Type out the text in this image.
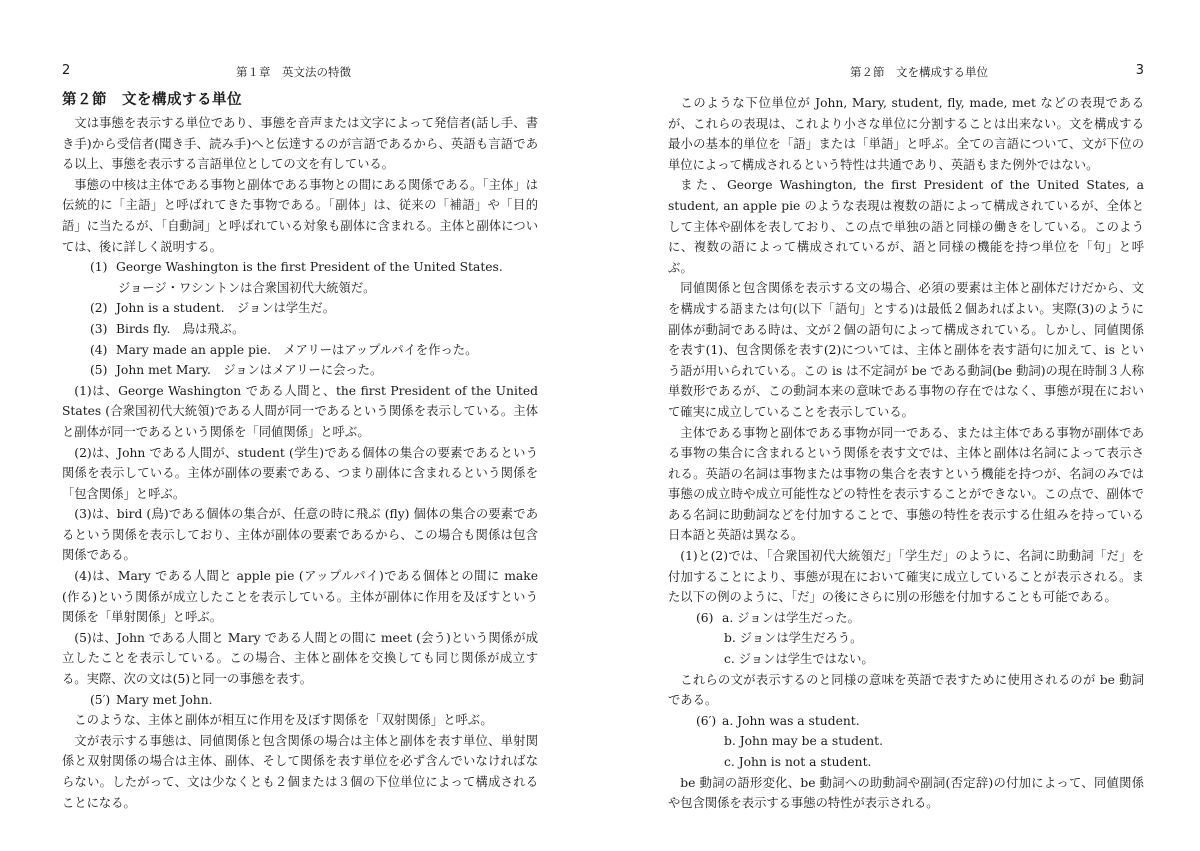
2	第１章　英文法の特徴
第２節　文を構成する単位

文は事態を表示する単位であり、事態を音声または文字によって発信者(話し手、書き手)から受信者(聞き手、読み手)へと伝達するのが言語であるから、英語も言語である以上、事態を表示する言語単位としての文を有している。

事態の中核は主体である事物と副体である事物との間にある関係である。「主体」は伝統的に「主語」と呼ばれてきた事物である。「副体」は、従来の「補語」や「目的語」に当たるが、「自動詞」と呼ばれている対象も副体に含まれる。主体と副体については、後に詳しく説明する。

(1) George Washington is the first President of the United States.
ジョージ・ワシントンは合衆国初代大統領だ。
(2) John is a student.　ジョンは学生だ。
(3) Birds fly.　鳥は飛ぶ。
(4) Mary made an apple pie.　メアリーはアップルパイを作った。
(5) John met Mary.　ジョンはメアリーに会った。

(1)は、George Washington である人間と、the first President of the United States (合衆国初代大統領)である人間が同一であるという関係を表示している。主体と副体が同一であるという関係を「同値関係」と呼ぶ。

(2)は、John である人間が、student (学生)である個体の集合の要素であるという関係を表示している。主体が副体の要素である、つまり副体に含まれるという関係を「包含関係」と呼ぶ。

(3)は、bird (鳥)である個体の集合が、任意の時に飛ぶ (fly) 個体の集合の要素であるという関係を表示しており、主体が副体の要素であるから、この場合も関係は包含関係である。

(4)は、Mary である人間と apple pie (アップルパイ)である個体との間に make (作る)という関係が成立したことを表示している。主体が副体に作用を及ぼすという関係を「単射関係」と呼ぶ。

(5)は、John である人間と Mary である人間との間に meet (会う)という関係が成立したことを表示している。この場合、主体と副体を交換しても同じ関係が成立する。実際、次の文は(5)と同一の事態を表す。

(5′) Mary met John.

このような、主体と副体が相互に作用を及ぼす関係を「双射関係」と呼ぶ。

文が表示する事態は、同値関係と包含関係の場合は主体と副体を表す単位、単射関係と双射関係の場合は主体、副体、そして関係を表す単位を必ず含んでいなければならない。したがって、文は少なくとも２個または３個の下位単位によって構成されることになる。

第２節　文を構成する単位	3

このような下位単位が John, Mary, student, fly, made, met などの表現であるが、これらの表現は、これより小さな単位に分割することは出来ない。文を構成する最小の基本的単位を「語」または「単語」と呼ぶ。全ての言語について、文が下位の単位によって構成されるという特性は共通であり、英語もまた例外ではない。

また、George Washington, the first President of the United States, a student, an apple pie のような表現は複数の語によって構成されているが、全体として主体や副体を表しており、この点で単独の語と同様の働きをしている。このように、複数の語によって構成されているが、語と同様の機能を持つ単位を「句」と呼ぶ。

同値関係と包含関係を表示する文の場合、必須の要素は主体と副体だけだから、文を構成する語または句(以下「語句」とする)は最低２個あればよい。実際(3)のように副体が動詞である時は、文が２個の語句によって構成されている。しかし、同値関係を表す(1)、包含関係を表す(2)については、主体と副体を表す語句に加えて、is という語が用いられている。この is は不定詞が be である動詞(be 動詞)の現在時制３人称単数形であるが、この動詞本来の意味である事物の存在ではなく、事態が現在において確実に成立していることを表示している。

主体である事物と副体である事物が同一である、または主体である事物が副体である事物の集合に含まれるという関係を表す文では、主体と副体は名詞によって表示される。英語の名詞は事物または事物の集合を表すという機能を持つが、名詞のみでは事態の成立時や成立可能性などの特性を表示することができない。この点で、副体である名詞に助動詞などを付加することで、事態の特性を表示する仕組みを持っている日本語と英語は異なる。

(1)と(2)では、「合衆国初代大統領だ」「学生だ」のように、名詞に助動詞「だ」を付加することにより、事態が現在において確実に成立していることが表示される。また以下の例のように、「だ」の後にさらに別の形態を付加することも可能である。

(6) a. ジョンは学生だった。
b. ジョンは学生だろう。
c. ジョンは学生ではない。

これらの文が表示するのと同様の意味を英語で表すために使用されるのが be 動詞である。

(6′) a. John was a student.
b. John may be a student.
c. John is not a student.

be 動詞の語形変化、be 動詞への助動詞や副詞(否定辞)の付加によって、同値関係や包含関係を表示する事態の特性が表示される。
